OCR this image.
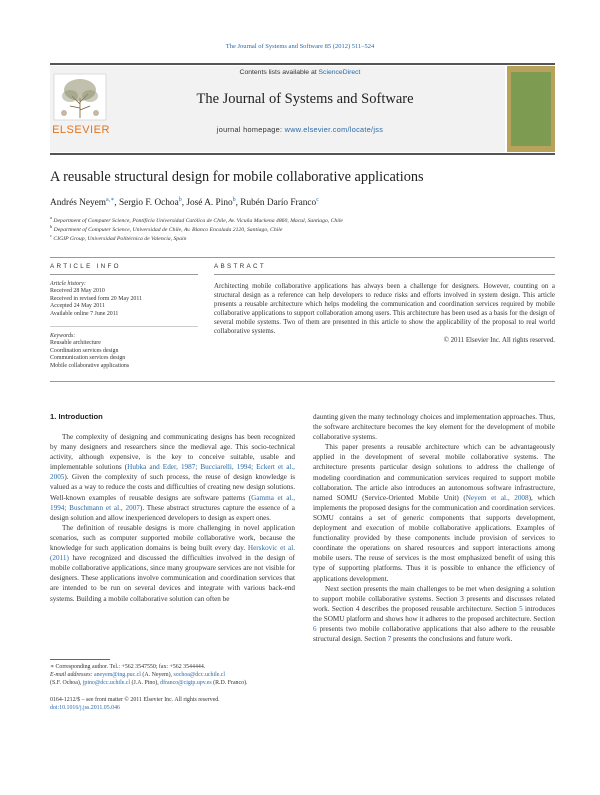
The Journal of Systems and Software 85 (2012) 511–524
ELSEVIER
Contents lists available at ScienceDirect
The Journal of Systems and Software
journal homepage: www.elsevier.com/locate/jss
A reusable structural design for mobile collaborative applications
Andrés Neyem$^{a,∗}$, Sergio F. Ochoa$^b$, José A. Pino$^b$, Rubén Darío Franco$^c$
$^a$ Department of Computer Science, Pontificia Universidad Católica de Chile, Av. Vicuña Mackena 4860, Macul, Santiago, Chile
$^b$ Department of Computer Science, Universidad de Chile, Av. Blanco Encalada 2120, Santiago, Chile
$^c$ CIGIP Group, Universidad Politécnica de Valencia, Spain
ARTICLE INFO	ABSTRACT
Article history:
Received 28 May 2010
Received in revised form 20 May 2011
Accepted 24 May 2011
Available online 7 June 2011
Keywords:
Reusable architecture
Coordination services design
Communication services design
Mobile collaborative applications
Architecting mobile collaborative applications has always been a challenge for designers. However, counting on a structural design as a reference can help developers to reduce risks and efforts involved in system design. This article presents a reusable architecture which helps modeling the communication and coordination services required by mobile collaborative applications to support collaboration among users. This architecture has been used as a basis for the design of several mobile systems. Two of them are presented in this article to show the applicability of the proposal to real world collaborative systems.
© 2011 Elsevier Inc. All rights reserved.
1. Introduction

The complexity of designing and communicating designs has been recognized by many designers and researchers since the medieval age. This socio-technical activity, although expensive, is the key to conceive suitable, usable and implementable solutions (Hubka and Eder, 1987; Bucciarelli, 1994; Eckert et al., 2005). Given the complexity of such process, the reuse of design knowledge is valued as a way to reduce the costs and difficulties of creating new design solutions. Well-known examples of reusable designs are software patterns (Gamma et al., 1994; Buschmann et al., 2007). These abstract structures capture the essence of a design solution and allow inexperienced developers to design as expert ones.

The definition of reusable designs is more challenging in novel application scenarios, such as computer supported mobile collaborative work, because the knowledge for such application domains is being built every day. Herskovic et al. (2011) have recognized and discussed the difficulties involved in the design of mobile collaborative applications, since many groupware services are not visible for designers. These applications involve communication and coordination services that are intended to be run on several devices and integrate with various back-end systems. Building a mobile collaborative solution can often be

daunting given the many technology choices and implementation approaches. Thus, the software architecture becomes the key element for the development of mobile collaborative systems.

This paper presents a reusable architecture which can be advantageously applied in the development of several mobile collaborative systems. The architecture presents particular design solutions to address the challenge of modeling coordination and communication services required to support mobile collaboration. The article also introduces an autonomous software infrastructure, named SOMU (Service-Oriented Mobile Unit) (Neyem et al., 2008), which implements the proposed designs for the communication and coordination services. SOMU contains a set of generic components that supports development, deployment and execution of mobile collaborative applications. Examples of functionality provided by these components include provision of services to coordinate the operations on shared resources and support interactions among mobile users. The reuse of services is the most emphasized benefit of using this type of supporting platforms. Thus it is possible to enhance the efficiency of applications development.

Next section presents the main challenges to be met when designing a solution to support mobile collaborative systems. Section 3 presents and discusses related work. Section 4 describes the proposed reusable architecture. Section 5 introduces the SOMU platform and shows how it adheres to the proposed architecture. Section 6 presents two mobile collaborative applications that also adhere to the reusable structural design. Section 7 presents the conclusions and future work.

∗ Corresponding author. Tel.: +562 3547550; fax: +562 3544444.
E-mail addresses: aneyem@ing.puc.cl (A. Neyem), sochoa@dcc.uchile.cl
(S.F. Ochoa), jpino@dcc.uchile.cl (J.A. Pino), dfranco@cigip.upv.es (R.D. Franco).
0164-1212/$ – see front matter © 2011 Elsevier Inc. All rights reserved.
doi:10.1016/j.jss.2011.05.046
